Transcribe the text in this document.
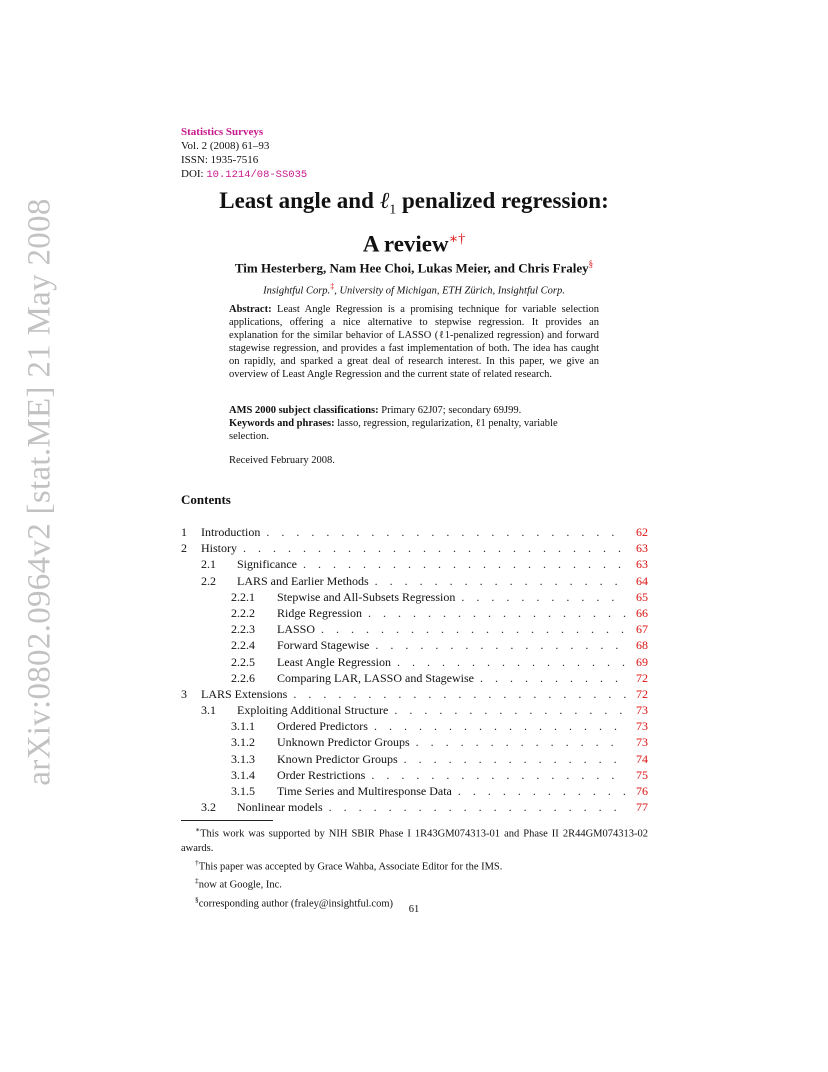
arXiv:0802.0964v2 [stat.ME] 21 May 2008
Statistics Surveys
Vol. 2 (2008) 61–93
ISSN: 1935-7516
DOI: 10.1214/08-SS035
Least angle and ℓ$_1$ penalized regression:
A review∗†
Tim Hesterberg, Nam Hee Choi, Lukas Meier, and Chris Fraley§
Insightful Corp.‡, University of Michigan, ETH Zürich, Insightful Corp.
Abstract: Least Angle Regression is a promising technique for variable selection applications, offering a nice alternative to stepwise regression. It provides an explanation for the similar behavior of LASSO (ℓ1-penalized regression) and forward stagewise regression, and provides a fast implementation of both. The idea has caught on rapidly, and sparked a great deal of research interest. In this paper, we give an overview of Least Angle Regression and the current state of related research.
AMS 2000 subject classifications: Primary 62J07; secondary 69J99.
Keywords and phrases: lasso, regression, regularization, ℓ1 penalty, variable selection.
Received February 2008.
Contents
1	Introduction . . .	62
2	History . . .	63
2.1	Significance . . .	63
2.2	LARS and Earlier Methods . . .	64
2.2.1	Stepwise and All-Subsets Regression . . .	65
2.2.2	Ridge Regression . . .	66
2.2.3	LASSO . . .	67
2.2.4	Forward Stagewise . . .	68
2.2.5	Least Angle Regression . . .	69
2.2.6	Comparing LAR, LASSO and Stagewise . . .	72
3	LARS Extensions . . .	72
3.1	Exploiting Additional Structure . . .	73
3.1.1	Ordered Predictors . . .	73
3.1.2	Unknown Predictor Groups . . .	73
3.1.3	Known Predictor Groups . . .	74
3.1.4	Order Restrictions . . .	75
3.1.5	Time Series and Multiresponse Data . . .	76
3.2	Nonlinear models . . .	77

∗This work was supported by NIH SBIR Phase I 1R43GM074313-01 and Phase II 2R44GM074313-02 awards.

†This paper was accepted by Grace Wahba, Associate Editor for the IMS.

‡now at Google, Inc.

§corresponding author (fraley@insightful.com)

61
